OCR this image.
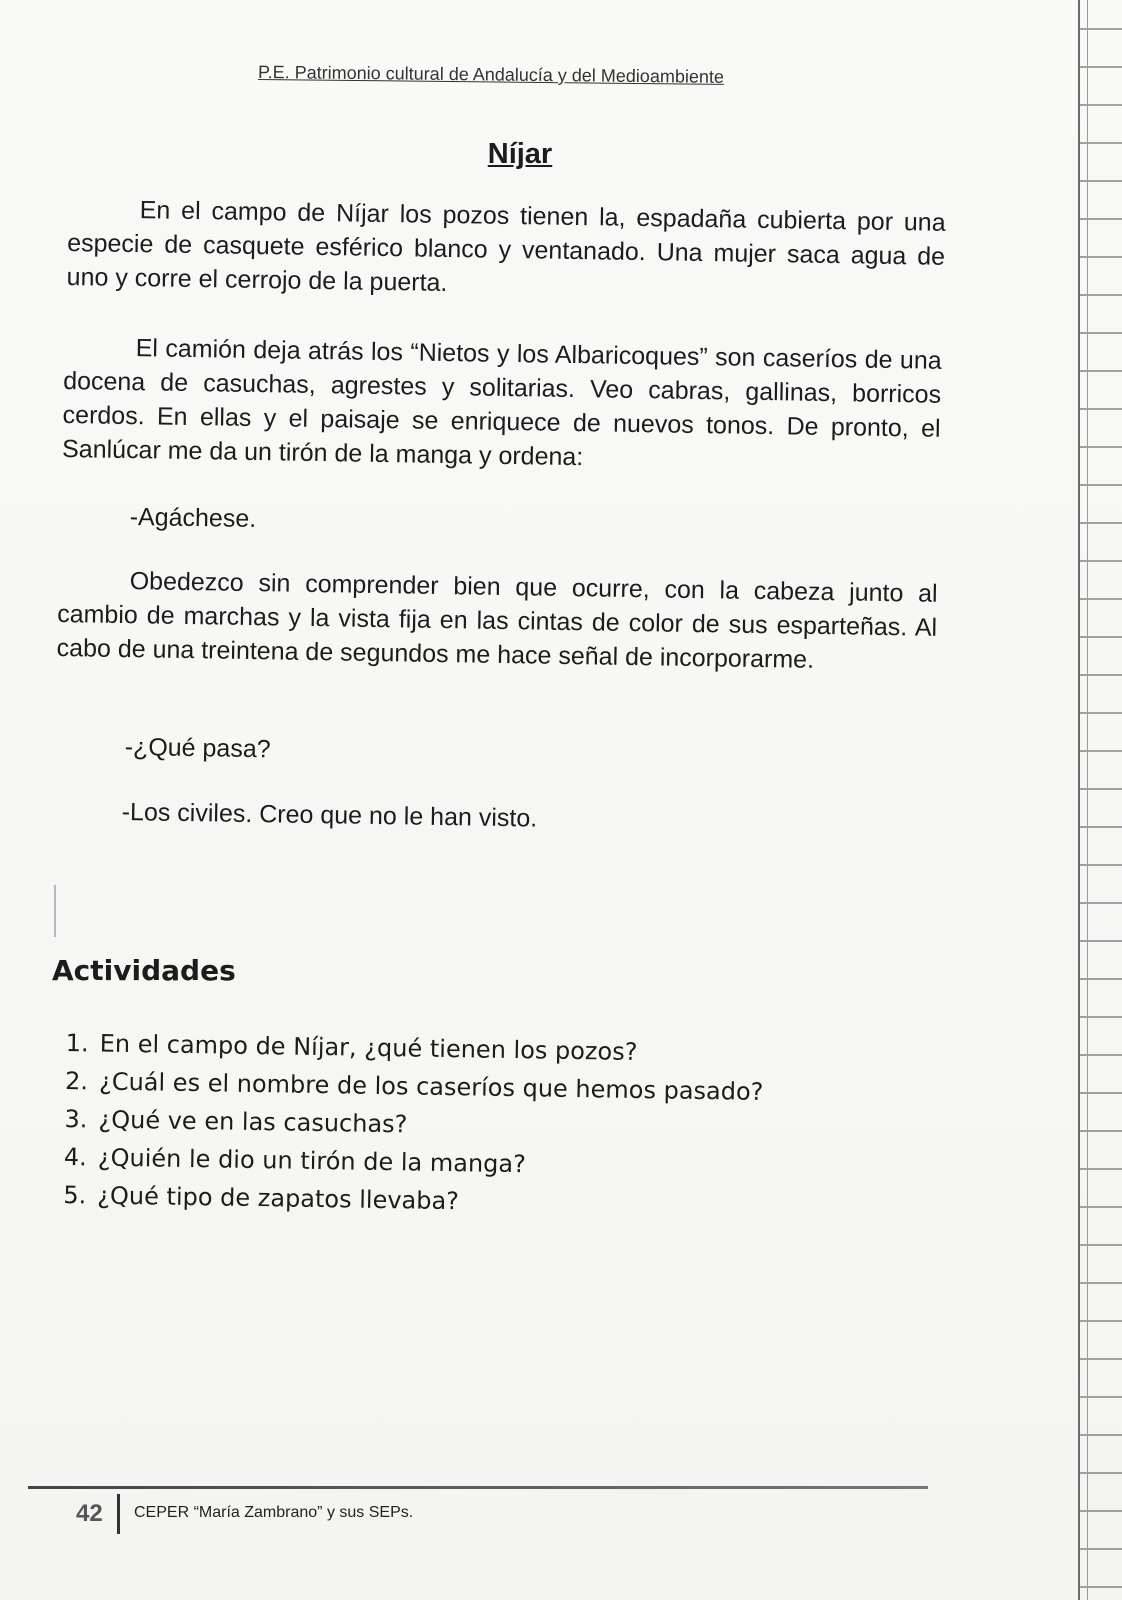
P.E. Patrimonio cultural de Andalucía y del Medioambiente
Níjar

En el campo de Níjar los pozos tienen la, espadaña cubierta por una especie de casquete esférico blanco y ventanado. Una mujer saca agua de uno y corre el cerrojo de la puerta.

El camión deja atrás los “Nietos y los Albaricoques” son caseríos de una docena de casuchas, agrestes y solitarias. Veo cabras, gallinas, borricos cerdos. En ellas y el paisaje se enriquece de nuevos tonos. De pronto, el Sanlúcar me da un tirón de la manga y ordena:

-Agáchese.

Obedezco sin comprender bien que ocurre, con la cabeza junto al cambio de marchas y la vista fija en las cintas de color de sus esparteñas. Al cabo de una treintena de segundos me hace señal de incorporarme.

-¿Qué pasa?

-Los civiles. Creo que no le han visto.

Actividades
1. En el campo de Níjar, ¿qué tienen los pozos?
2. ¿Cuál es el nombre de los caseríos que hemos pasado?
3. ¿Qué ve en las casuchas?
4. ¿Quién le dio un tirón de la manga?
5. ¿Qué tipo de zapatos llevaba?
42 CEPER “María Zambrano” y sus SEPs.
